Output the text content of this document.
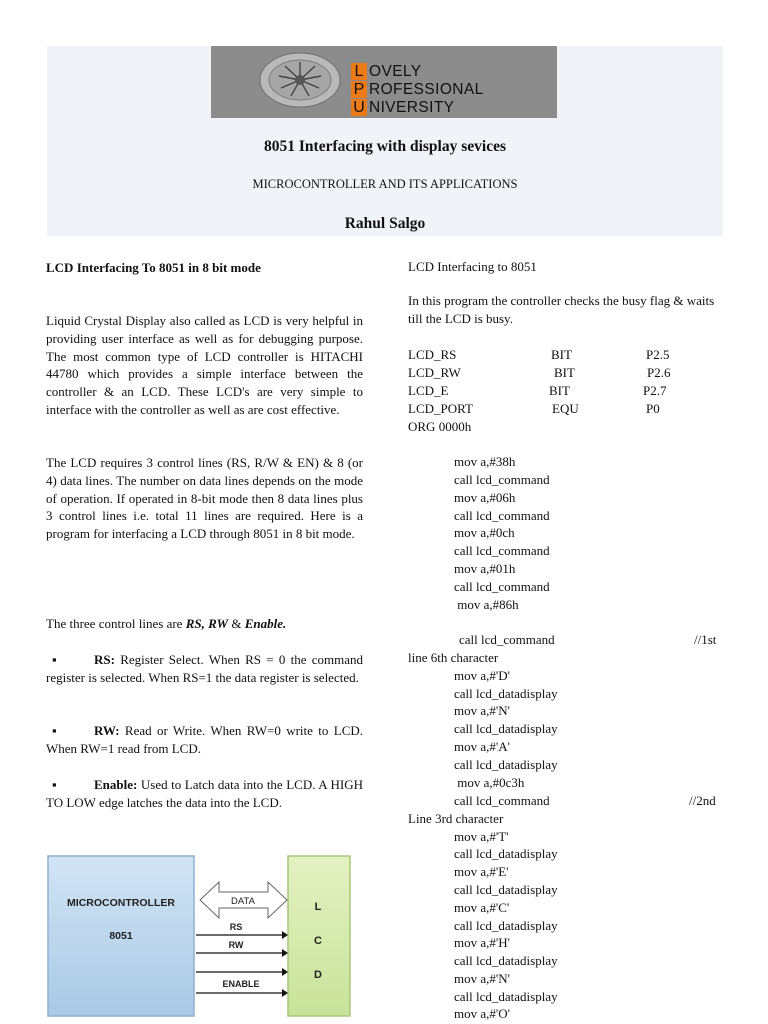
L OVELY
P ROFESSIONAL
U NIVERSITY
8051 Interfacing with display sevices
MICROCONTROLLER AND ITS APPLICATIONS
Rahul Salgo
LCD Interfacing To 8051 in 8 bit mode
Liquid Crystal Display also called as LCD is very helpful in providing user interface as well as for debugging purpose. The most common type of LCD controller is HITACHI 44780 which provides a simple interface between the controller & an LCD. These LCD's are very simple to interface with the controller as well as are cost effective.
The LCD requires 3 control lines (RS, R/W & EN) & 8 (or 4) data lines. The number on data lines depends on the mode of operation. If operated in 8-bit mode then 8 data lines plus 3 control lines i.e. total 11 lines are required. Here is a program for interfacing a LCD through 8051 in 8 bit mode.
The three control lines are RS, RW & Enable.
▪	RS: Register Select. When RS = 0 the command register is selected. When RS=1 the data register is selected.
▪	RW: Read or Write. When RW=0 write to LCD. When RW=1 read from LCD.
▪	Enable: Used to Latch data into the LCD. A HIGH TO LOW edge latches the data into the LCD.
MICROCONTROLLER
8051
L
C
D
DATA
RS
RW
ENABLE
LCD Interfacing to 8051
In this program the controller checks the busy flag & waits till the LCD is busy.
LCD_RS	BIT	P2.5
LCD_RW	BIT	P2.6
LCD_E	BIT	P2.7
LCD_PORT	EQU	P0
ORG 0000h
mov a,#38h
call lcd_command
mov a,#06h
call lcd_command
mov a,#0ch
call lcd_command
mov a,#01h
call lcd_command
mov a,#86h
call lcd_command	//1st
line 6th character
mov a,#'D'
call lcd_datadisplay
mov a,#'N'
call lcd_datadisplay
mov a,#'A'
call lcd_datadisplay
mov a,#0c3h
call lcd_command	//2nd
Line 3rd character
mov a,#'T'
call lcd_datadisplay
mov a,#'E'
call lcd_datadisplay
mov a,#'C'
call lcd_datadisplay
mov a,#'H'
call lcd_datadisplay
mov a,#'N'
call lcd_datadisplay
mov a,#'O'
